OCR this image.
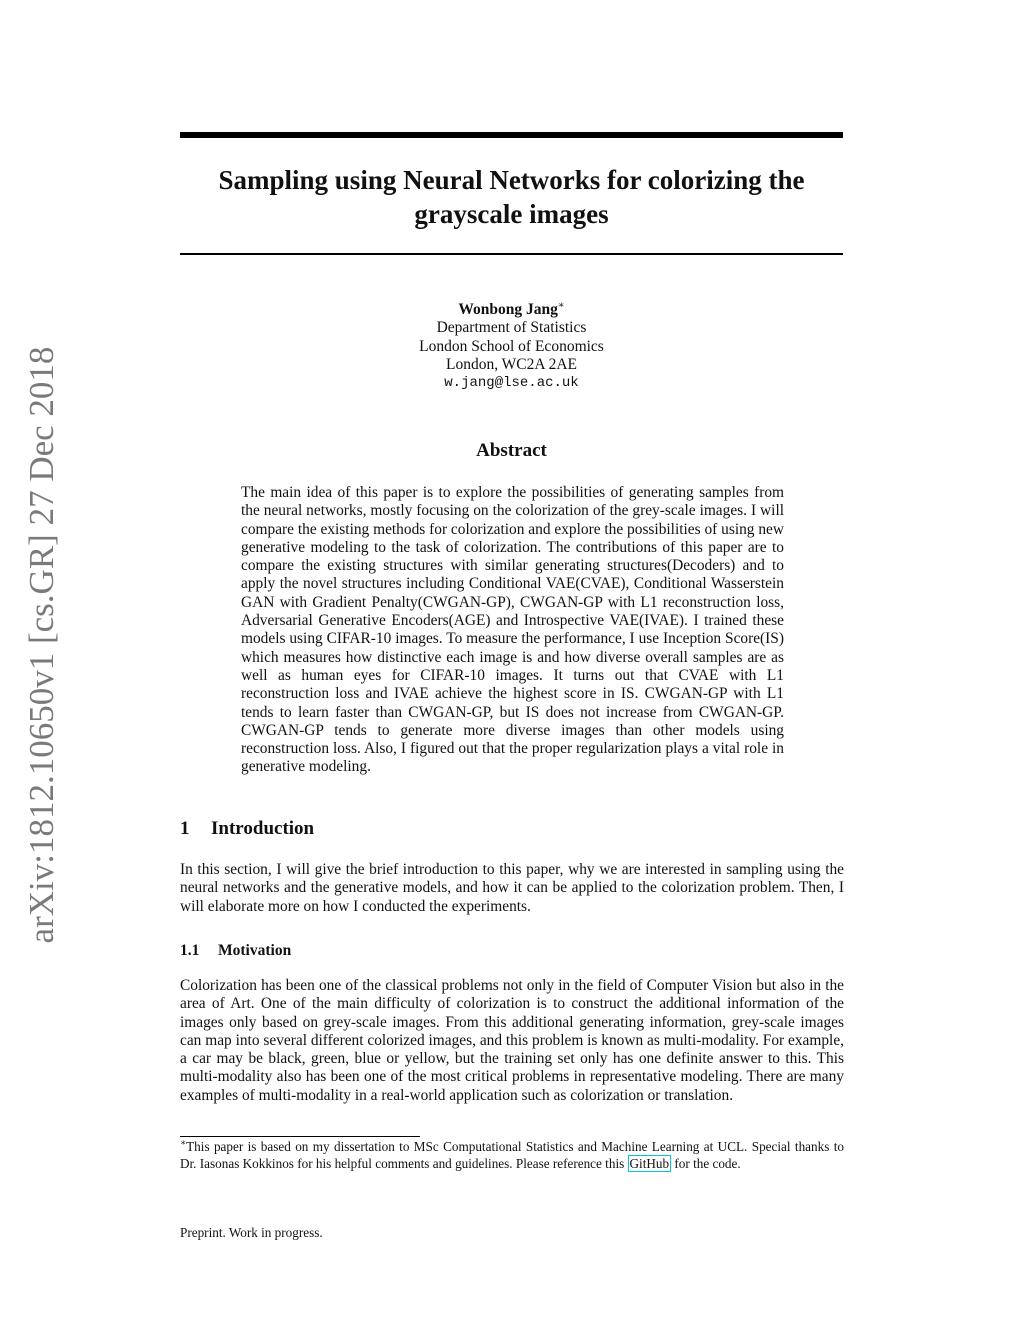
arXiv:1812.10650v1 [cs.GR] 27 Dec 2018
Sampling using Neural Networks for colorizing the grayscale images
Wonbong Jang∗
Department of Statistics
London School of Economics
London, WC2A 2AE
w.jang@lse.ac.uk
Abstract
The main idea of this paper is to explore the possibilities of generating samples from the neural networks, mostly focusing on the colorization of the grey-scale images. I will compare the existing methods for colorization and explore the possibilities of using new generative modeling to the task of colorization. The contributions of this paper are to compare the existing structures with similar generating structures(Decoders) and to apply the novel structures including Conditional VAE(CVAE), Conditional Wasserstein GAN with Gradient Penalty(CWGAN-GP), CWGAN-GP with L1 reconstruction loss, Adversarial Generative Encoders(AGE) and Introspective VAE(IVAE). I trained these models using CIFAR-10 images. To measure the performance, I use Inception Score(IS) which measures how distinctive each image is and how diverse overall samples are as well as human eyes for CIFAR-10 images. It turns out that CVAE with L1 reconstruction loss and IVAE achieve the highest score in IS. CWGAN-GP with L1 tends to learn faster than CWGAN-GP, but IS does not increase from CWGAN-GP. CWGAN-GP tends to generate more diverse images than other models using reconstruction loss. Also, I figured out that the proper regularization plays a vital role in generative modeling.
1 Introduction
In this section, I will give the brief introduction to this paper, why we are interested in sampling using the neural networks and the generative models, and how it can be applied to the colorization problem. Then, I will elaborate more on how I conducted the experiments.
1.1 Motivation
Colorization has been one of the classical problems not only in the field of Computer Vision but also in the area of Art. One of the main difficulty of colorization is to construct the additional information of the images only based on grey-scale images. From this additional generating information, grey-scale images can map into several different colorized images, and this problem is known as multi-modality. For example, a car may be black, green, blue or yellow, but the training set only has one definite answer to this. This multi-modality also has been one of the most critical problems in representative modeling. There are many examples of multi-modality in a real-world application such as colorization or translation.
∗This paper is based on my dissertation to MSc Computational Statistics and Machine Learning at UCL. Special thanks to Dr. Iasonas Kokkinos for his helpful comments and guidelines. Please reference this GitHub for the code.
Preprint. Work in progress.
